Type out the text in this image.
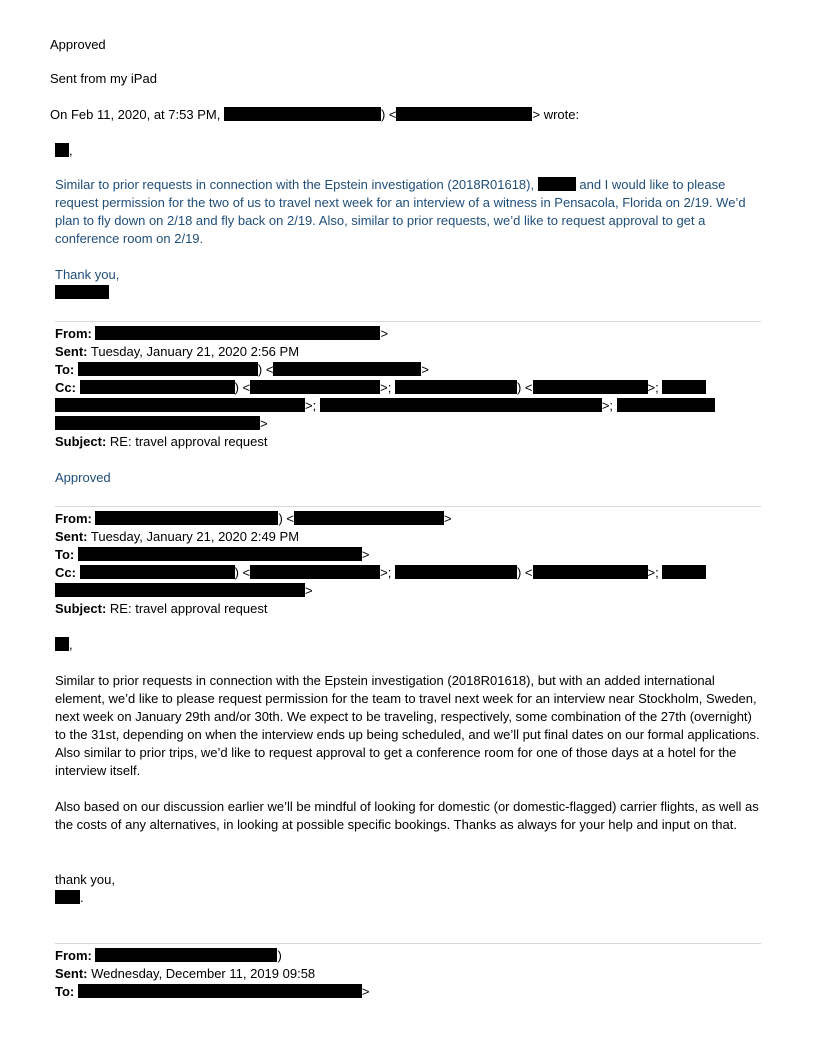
Approved
Sent from my iPad
On Feb 11, 2020, at 7:53 PM,	) <	> wrote:
,
Similar to prior requests in connection with the Epstein investigation (2018R01618),	and I would like to please request permission for the two of us to travel next week for an interview of a witness in Pensacola, Florida on 2/19. We’d plan to fly down on 2/18 and fly back on 2/19. Also, similar to prior requests, we’d like to request approval to get a conference room on 2/19.
Thank you,
From:	>
Sent: Tuesday, January 21, 2020 2:56 PM
To:	) <	>
Cc:	) <	>;	) <	>;
>;	>;
>
Subject: RE: travel approval request
Approved
From:	) <	>
Sent: Tuesday, January 21, 2020 2:49 PM
To:	>
Cc:	) <	>;	) <	>;
>
Subject: RE: travel approval request
,
Similar to prior requests in connection with the Epstein investigation (2018R01618), but with an added international element, we’d like to please request permission for the team to travel next week for an interview near Stockholm, Sweden, next week on January 29th and/or 30th. We expect to be traveling, respectively, some combination of the 27th (overnight) to the 31st, depending on when the interview ends up being scheduled, and we’ll put final dates on our formal applications. Also similar to prior trips, we’d like to request approval to get a conference room for one of those days at a hotel for the interview itself.
Also based on our discussion earlier we’ll be mindful of looking for domestic (or domestic-flagged) carrier flights, as well as the costs of any alternatives, in looking at possible specific bookings. Thanks as always for your help and input on that.
thank you,
.
From:	)
Sent: Wednesday, December 11, 2019 09:58
To:	>
